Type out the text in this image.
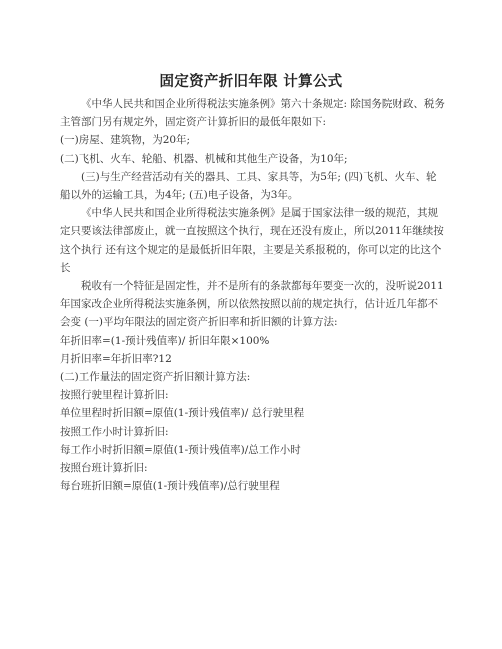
固定资产折旧年限 计算公式

《中华人民共和国企业所得税法实施条例》第六十条规定: 除国务院财政、税务主管部门另有规定外，固定资产计算折旧的最低年限如下:

(一)房屋、建筑物，为20年;

(二)飞机、火车、轮船、机器、机械和其他生产设备，为10年;

(三)与生产经营活动有关的器具、工具、家具等，为5年; (四)飞机、火车、轮船以外的运输工具，为4年; (五)电子设备，为3年。

《中华人民共和国企业所得税法实施条例》是属于国家法律一级的规范，其规定只要该法律部废止，就一直按照这个执行，现在还没有废止，所以2011年继续按这个执行 还有这个规定的是最低折旧年限，主要是关系报税的，你可以定的比这个长

税收有一个特征是固定性，并不是所有的条款都每年要变一次的，没听说2011年国家改企业所得税法实施条例，所以依然按照以前的规定执行，估计近几年都不会变 (一)平均年限法的固定资产折旧率和折旧额的计算方法:

年折旧率=(1-预计残值率)/ 折旧年限×100%

月折旧率=年折旧率?12

(二)工作量法的固定资产折旧额计算方法:

按照行驶里程计算折旧:

单位里程时折旧额=原值(1-预计残值率)/ 总行驶里程

按照工作小时计算折旧:

每工作小时折旧额=原值(1-预计残值率)/总工作小时

按照台班计算折旧:

每台班折旧额=原值(1-预计残值率)/总行驶里程
